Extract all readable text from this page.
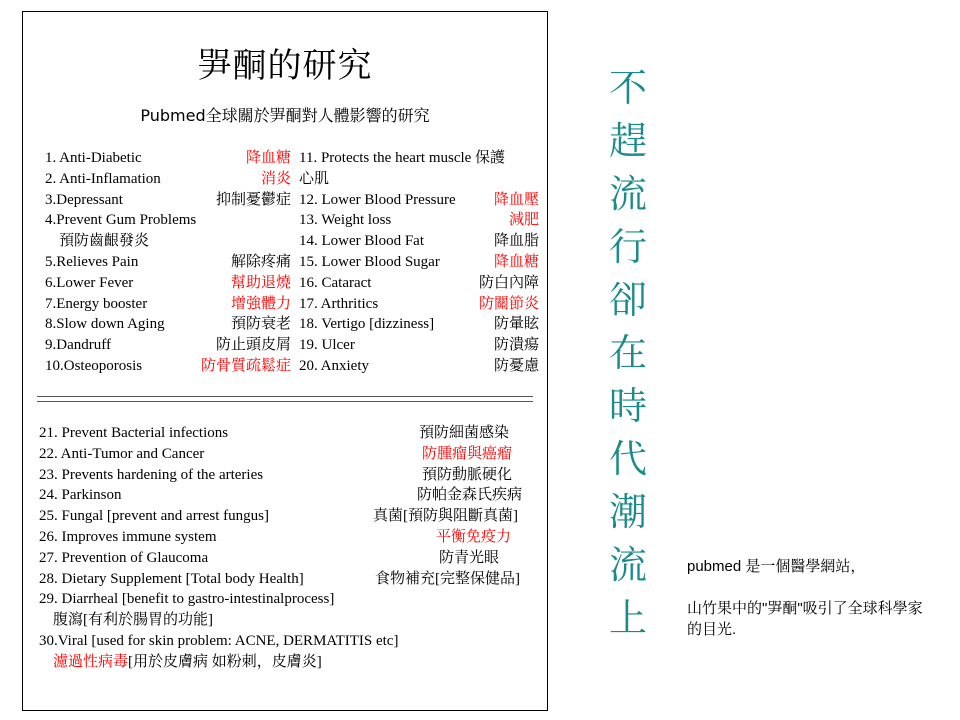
㖐酮的研究
Pubmed全球關於㖐酮對人體影響的研究
1. Anti-Diabetic	降血糖
2. Anti-Inflamation	消炎
3.Depressant	抑制憂鬱症
4.Prevent Gum Problems
預防齒齦發炎
5.Relieves Pain	解除疼痛
6.Lower Fever	幫助退燒
7.Energy booster	增強體力
8.Slow down Aging	預防衰老
9.Dandruff	防止頭皮屑
10.Osteoporosis	防骨質疏鬆症
11. Protects the heart muscle 保護
心肌
12. Lower Blood Pressure	降血壓
13. Weight loss	減肥
14. Lower Blood Fat	降血脂
15. Lower Blood Sugar	降血糖
16. Cataract	防白內障
17. Arthritics	防關節炎
18. Vertigo [dizziness]	防暈眩
19. Ulcer	防潰瘍
20. Anxiety	防憂慮
21. Prevent Bacterial infections	預防細菌感染
22. Anti-Tumor and Cancer	防腫瘤與癌瘤
23. Prevents hardening of the arteries	預防動脈硬化
24. Parkinson	防帕金森氏疾病
25. Fungal [prevent and arrest fungus]	真菌[預防與阻斷真菌]
26. Improves immune system	平衡免疫力
27. Prevention of Glaucoma	防青光眼
28. Dietary Supplement [Total body Health]	食物補充[完整保健品]
29. Diarrheal [benefit to gastro-intestinalprocess]
腹瀉[有利於腸胃的功能]
30.Viral [used for skin problem: ACNE, DERMATITIS etc]
濾過性病毒[用於皮膚病 如粉刺，皮膚炎]
不
趕
流
行
卻
在
時
代
潮
流
上

pubmed 是一個醫學網站，

山竹果中的"㖐酮"吸引了全球科學家的目光.
